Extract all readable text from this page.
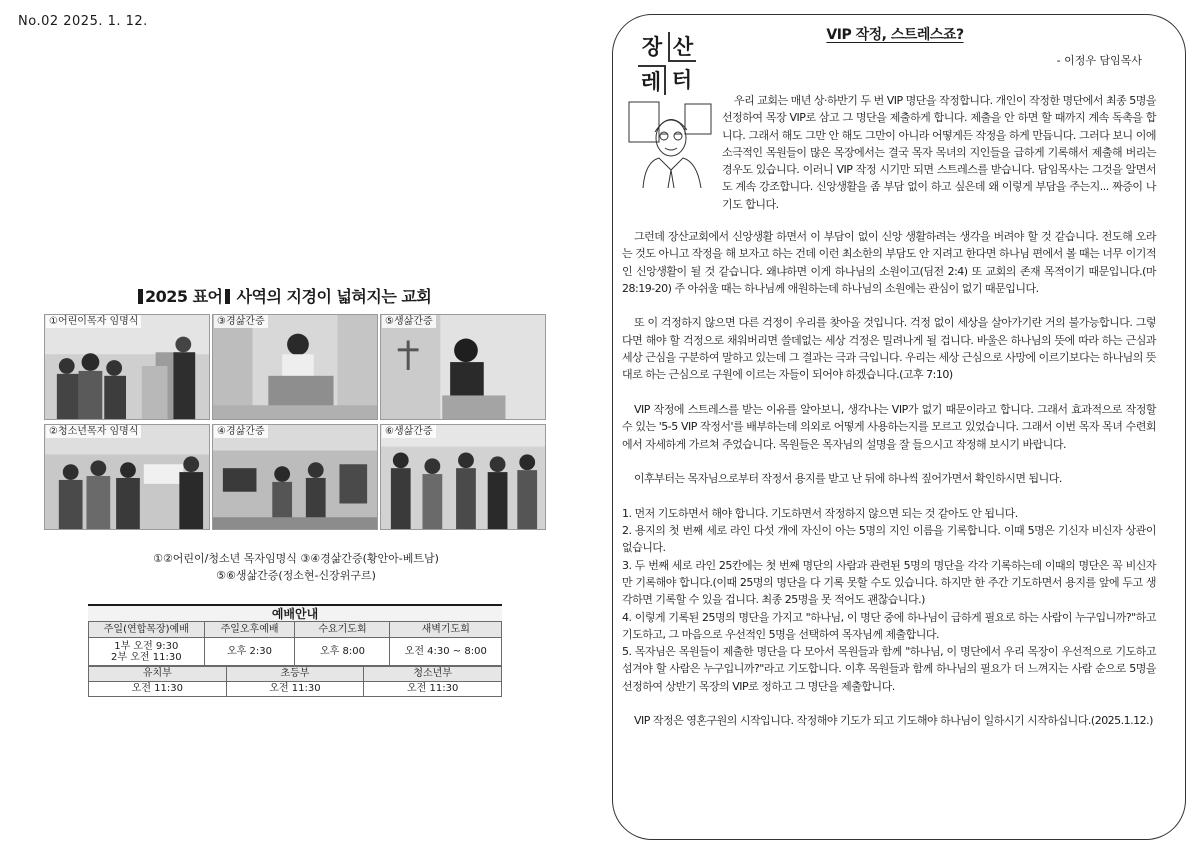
No.02 2025. 1. 12.
2025 표어 사역의 지경이 넓혀지는 교회
①어린이목자 임명식	③경삶간증	⑤생삶간증
②청소년목자 임명식	④경삶간증	⑥생삶간증
①②어린이/청소년 목자임명식 ③④경삶간증(황안아-베트남)
⑤⑥생삶간증(정소현-신장위구르)
예배안내
주일(연합목장)예배	주일오후예배	수요기도회	새벽기도회

1부 오전 9:30
2부 오전 11:30	오후 2:30	오후 8:00	오전 4:30 ~ 8:00
유치부	초등부	청소년부
오전 11:30	오전 11:30	오전 11:30
장 산
레 터
VIP 작정, 스트레스죠?
- 이정우 담임목사

우리 교회는 매년 상·하반기 두 번 VIP 명단을 작정합니다. 개인이 작정한 명단에서 최종 5명을 선정하여 목장 VIP로 삼고 그 명단을 제출하게 합니다. 제출을 안 하면 할 때까지 계속 독촉을 합니다. 그래서 해도 그만 안 해도 그만이 아니라 어떻게든 작정을 하게 만듭니다. 그러다 보니 이에 소극적인 목원들이 많은 목장에서는 결국 목자 목녀의 지인들을 급하게 기록해서 제출해 버리는 경우도 있습니다. 이러니 VIP 작정 시기만 되면 스트레스를 받습니다. 담임목사는 그것을 알면서도 계속 강조합니다. 신앙생활을 좀 부담 없이 하고 싶은데 왜 이렇게 부담을 주는지... 짜증이 나기도 합니다.

그런데 장산교회에서 신앙생활 하면서 이 부담이 없이 신앙 생활하려는 생각을 버려야 할 것 같습니다. 전도해 오라는 것도 아니고 작정을 해 보자고 하는 건데 이런 최소한의 부담도 안 지려고 한다면 하나님 편에서 볼 때는 너무 이기적인 신앙생활이 될 것 같습니다. 왜냐하면 이게 하나님의 소원이고(딤전 2:4) 또 교회의 존재 목적이기 때문입니다.(마 28:19-20) 주 아쉬울 때는 하나님께 애원하는데 하나님의 소원에는 관심이 없기 때문입니다.

또 이 걱정하지 않으면 다른 걱정이 우리를 찾아올 것입니다. 걱정 없이 세상을 살아가기란 거의 불가능합니다. 그렇다면 해야 할 걱정으로 채워버리면 쓸데없는 세상 걱정은 밀려나게 될 겁니다. 바울은 하나님의 뜻에 따라 하는 근심과 세상 근심을 구분하여 말하고 있는데 그 결과는 극과 극입니다. 우리는 세상 근심으로 사망에 이르기보다는 하나님의 뜻대로 하는 근심으로 구원에 이르는 자들이 되어야 하겠습니다.(고후 7:10)

VIP 작정에 스트레스를 받는 이유를 알아보니, 생각나는 VIP가 없기 때문이라고 합니다. 그래서 효과적으로 작정할 수 있는 '5-5 VIP 작정서'를 배부하는데 의외로 어떻게 사용하는지를 모르고 있었습니다. 그래서 이번 목자 목녀 수련회에서 자세하게 가르쳐 주었습니다. 목원들은 목자님의 설명을 잘 들으시고 작정해 보시기 바랍니다.

이후부터는 목자님으로부터 작정서 용지를 받고 난 뒤에 하나씩 짚어가면서 확인하시면 됩니다.

1. 먼저 기도하면서 해야 합니다. 기도하면서 작정하지 않으면 되는 것 같아도 안 됩니다.

2. 용지의 첫 번째 세로 라인 다섯 개에 자신이 아는 5명의 지인 이름을 기록합니다. 이때 5명은 기신자 비신자 상관이 없습니다.

3. 두 번째 세로 라인 25칸에는 첫 번째 명단의 사람과 관련된 5명의 명단을 각각 기록하는데 이때의 명단은 꼭 비신자만 기록해야 합니다.(이때 25명의 명단을 다 기록 못할 수도 있습니다. 하지만 한 주간 기도하면서 용지를 앞에 두고 생각하면 기록할 수 있을 겁니다. 최종 25명을 못 적어도 괜찮습니다.)

4. 이렇게 기록된 25명의 명단을 가지고 "하나님, 이 명단 중에 하나님이 급하게 필요로 하는 사람이 누구입니까?"하고 기도하고, 그 마음으로 우선적인 5명을 선택하여 목자님께 제출합니다.

5. 목자님은 목원들이 제출한 명단을 다 모아서 목원들과 함께 "하나님, 이 명단에서 우리 목장이 우선적으로 기도하고 섬겨야 할 사람은 누구입니까?"라고 기도합니다. 이후 목원들과 함께 하나님의 필요가 더 느껴지는 사람 순으로 5명을 선정하여 상반기 목장의 VIP로 정하고 그 명단을 제출합니다.

VIP 작정은 영혼구원의 시작입니다. 작정해야 기도가 되고 기도해야 하나님이 일하시기 시작하십니다.(2025.1.12.)
